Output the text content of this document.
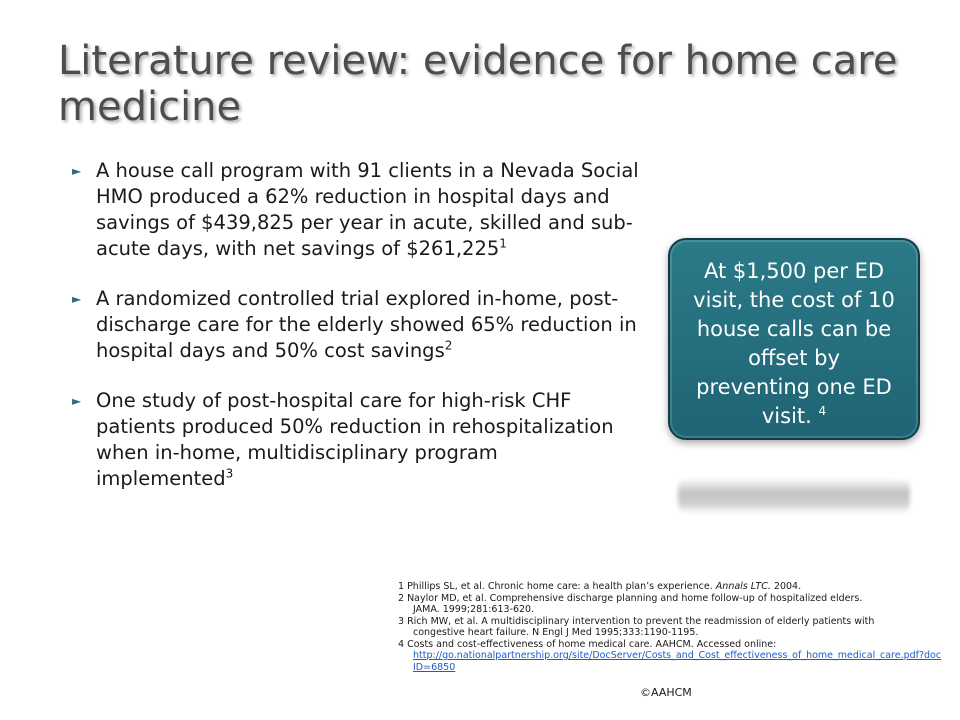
Literature review: evidence for home care medicine
► A house call program with 91 clients in a Nevada Social HMO produced a 62% reduction in hospital days and savings of $439,825 per year in acute, skilled and sub-acute days, with net savings of $261,225$^1$
► A randomized controlled trial explored in-home, post-discharge care for the elderly showed 65% reduction in hospital days and 50% cost savings$^2$
► One study of post-hospital care for high-risk CHF patients produced 50% reduction in rehospitalization when in-home, multidisciplinary program implemented$^3$
At $1,500 per ED visit, the cost of 10 house calls can be offset by preventing one ED visit. $^4$
1 Phillips SL, et al. Chronic home care: a health plan’s experience. Annals LTC. 2004.
2 Naylor MD, et al. Comprehensive discharge planning and home follow-up of hospitalized elders.
JAMA. 1999;281:613-620.
3 Rich MW, et al. A multidisciplinary intervention to prevent the readmission of elderly patients with
congestive heart failure. N Engl J Med 1995;333:1190-1195.
4 Costs and cost-effectiveness of home medical care. AAHCM. Accessed online:
http://go.nationalpartnership.org/site/DocServer/Costs_and_Cost_effectiveness_of_home_medical_care.pdf?docID=6850
©AAHCM
